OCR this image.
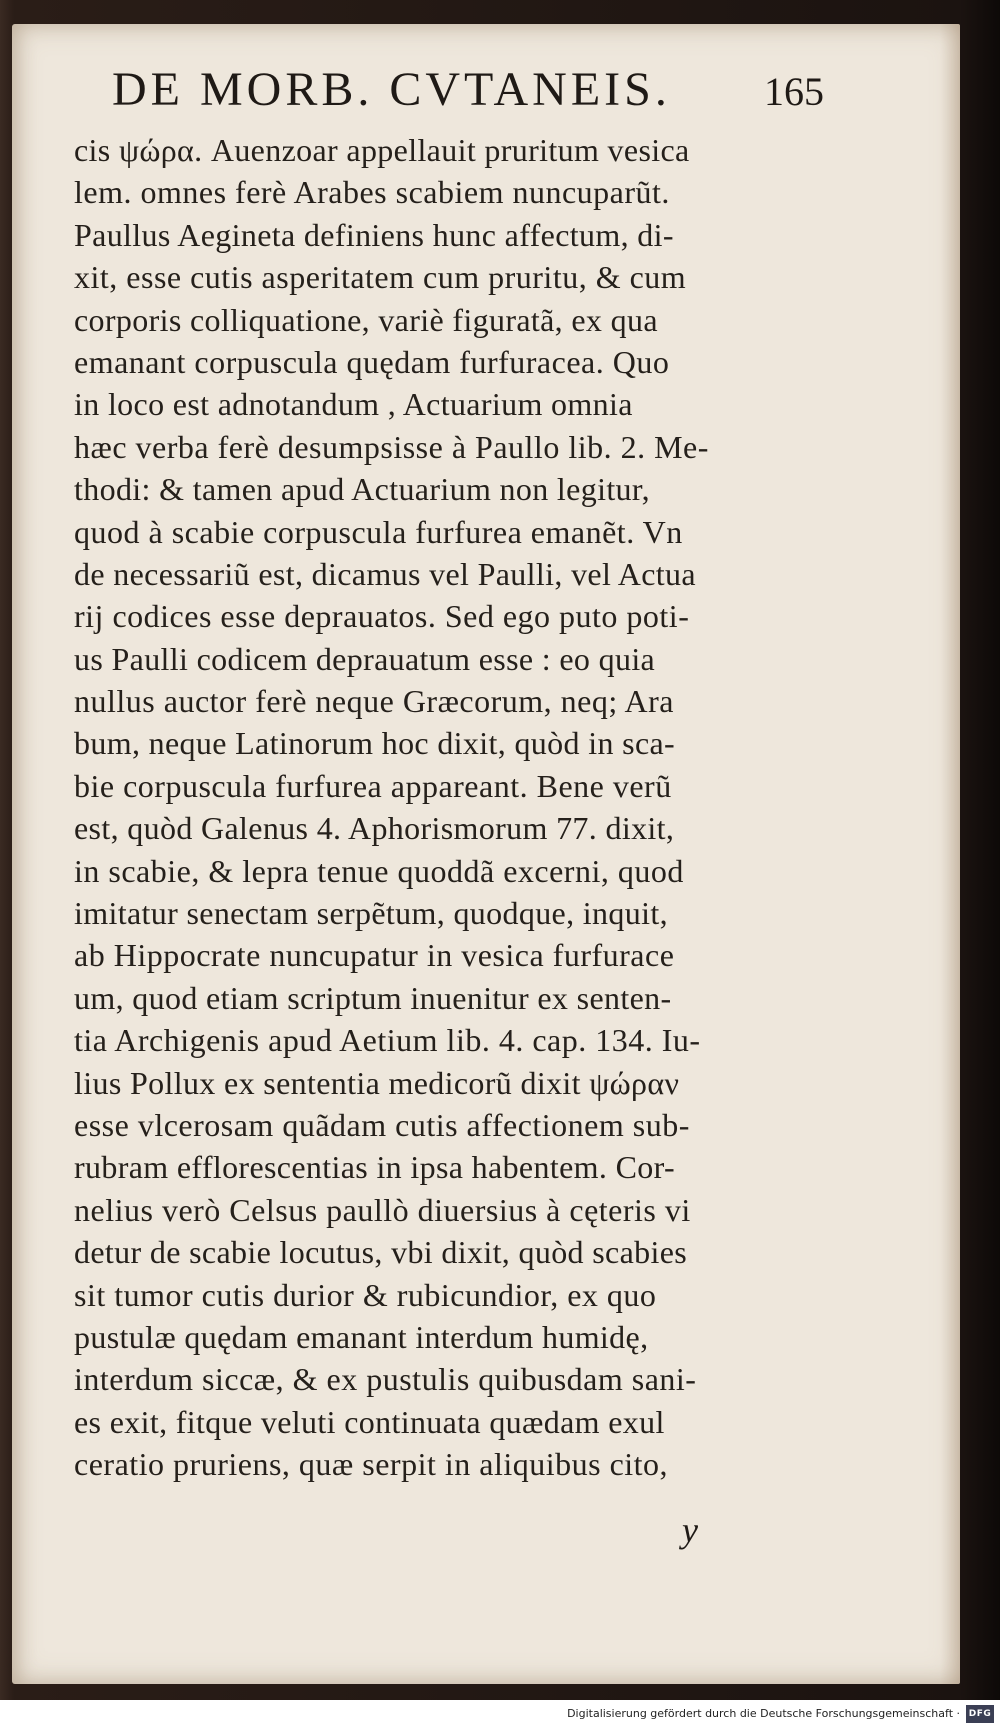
DE MORB. CVTANEIS. 165
cis ψώρα. Auenzoar appellauit pruritum vesica
lem. omnes ferè Arabes scabiem nuncuparũt.
Paullus Aegineta definiens hunc affectum, di-
xit, esse cutis asperitatem cum pruritu, & cum
corporis colliquatione, variè figuratã, ex qua
emanant corpuscula quędam furfuracea. Quo
in loco est adnotandum , Actuarium omnia
hæc verba ferè desumpsisse à Paullo lib. 2. Me-
thodi: & tamen apud Actuarium non legitur,
quod à scabie corpuscula furfurea emanẽt. Vn
de necessariũ est, dicamus vel Paulli, vel Actua
rij codices esse deprauatos. Sed ego puto poti-
us Paulli codicem deprauatum esse : eo quia
nullus auctor ferè neque Græcorum, neq; Ara
bum, neque Latinorum hoc dixit, quòd in sca-
bie corpuscula furfurea appareant. Bene verũ
est, quòd Galenus 4. Aphorismorum 77. dixit,
in scabie, & lepra tenue quoddã excerni, quod
imitatur senectam serpẽtum, quodque, inquit,
ab Hippocrate nuncupatur in vesica furfurace
um, quod etiam scriptum inuenitur ex senten-
tia Archigenis apud Aetium lib. 4. cap. 134. Iu-
lius Pollux ex sententia medicorũ dixit ψώραν
esse vlcerosam quãdam cutis affectionem sub-
rubram efflorescentias in ipsa habentem. Cor-
nelius verò Celsus paullò diuersius à cęteris vi
detur de scabie locutus, vbi dixit, quòd scabies
sit tumor cutis durior & rubicundior, ex quo
pustulæ quędam emanant interdum humidę,
interdum siccæ, & ex pustulis quibusdam sani-
es exit, fitque veluti continuata quædam exul
ceratio pruriens, quæ serpit in aliquibus cito,
y
Digitalisierung gefördert durch die Deutsche Forschungsgemeinschaft · DFG
